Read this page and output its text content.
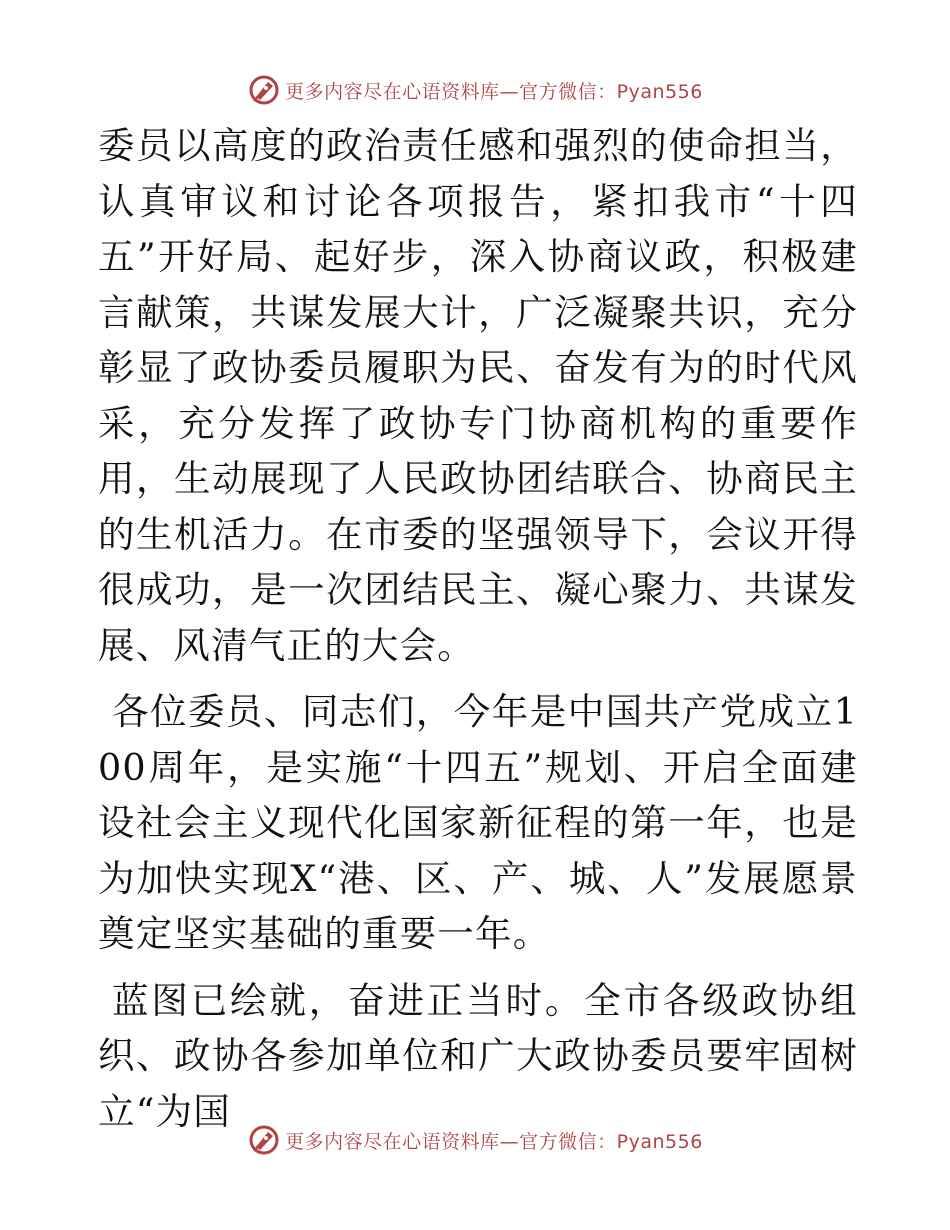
更多内容尽在心语资料库—官方微信：Pyan556

委员以高度的政治责任感和强烈的使命担当，认真审议和讨论各项报告，紧扣我市“十四五”开好局、起好步，深入协商议政，积极建言献策，共谋发展大计，广泛凝聚共识，充分彰显了政协委员履职为民、奋发有为的时代风采，充分发挥了政协专门协商机构的重要作用，生动展现了人民政协团结联合、协商民主的生机活力。在市委的坚强领导下，会议开得很成功，是一次团结民主、凝心聚力、共谋发展、风清气正的大会。

各位委员、同志们，今年是中国共产党成立100周年，是实施“十四五”规划、开启全面建设社会主义现代化国家新征程的第一年，也是为加快实现X“港、区、产、城、人”发展愿景奠定坚实基础的重要一年。

蓝图已绘就，奋进正当时。全市各级政协组织、政协各参加单位和广大政协委员要牢固树立“为国

更多内容尽在心语资料库—官方微信：Pyan556
